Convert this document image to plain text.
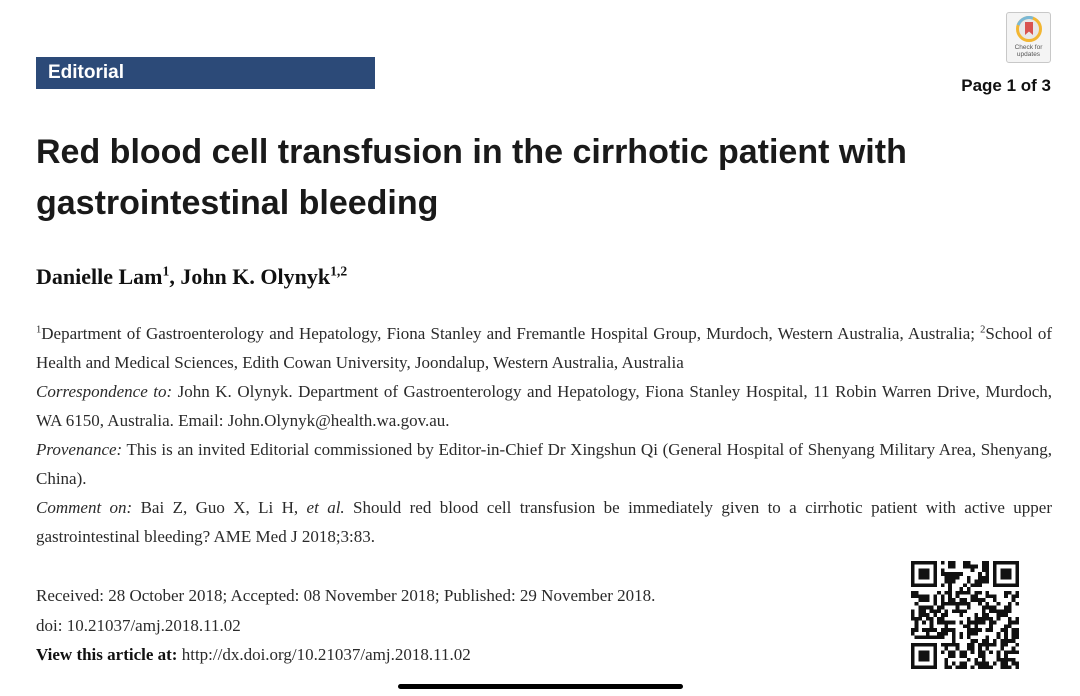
Editorial
Check for
updates
Page 1 of 3
Red blood cell transfusion in the cirrhotic patient with
gastrointestinal bleeding
Danielle Lam$^1$, John K. Olynyk$^{1,2}$

$^1$Department of Gastroenterology and Hepatology, Fiona Stanley and Fremantle Hospital Group, Murdoch, Western Australia, Australia; $^2$School of Health and Medical Sciences, Edith Cowan University, Joondalup, Western Australia, Australia

Correspondence to: John K. Olynyk. Department of Gastroenterology and Hepatology, Fiona Stanley Hospital, 11 Robin Warren Drive, Murdoch, WA 6150, Australia. Email: John.Olynyk@health.wa.gov.au.

Provenance: This is an invited Editorial commissioned by Editor-in-Chief Dr Xingshun Qi (General Hospital of Shenyang Military Area, Shenyang, China).

Comment on: Bai Z, Guo X, Li H, et al. Should red blood cell transfusion be immediately given to a cirrhotic patient with active upper gastrointestinal bleeding? AME Med J 2018;3:83.

Received: 28 October 2018; Accepted: 08 November 2018; Published: 29 November 2018.

doi: 10.21037/amj.2018.11.02

View this article at: http://dx.doi.org/10.21037/amj.2018.11.02
